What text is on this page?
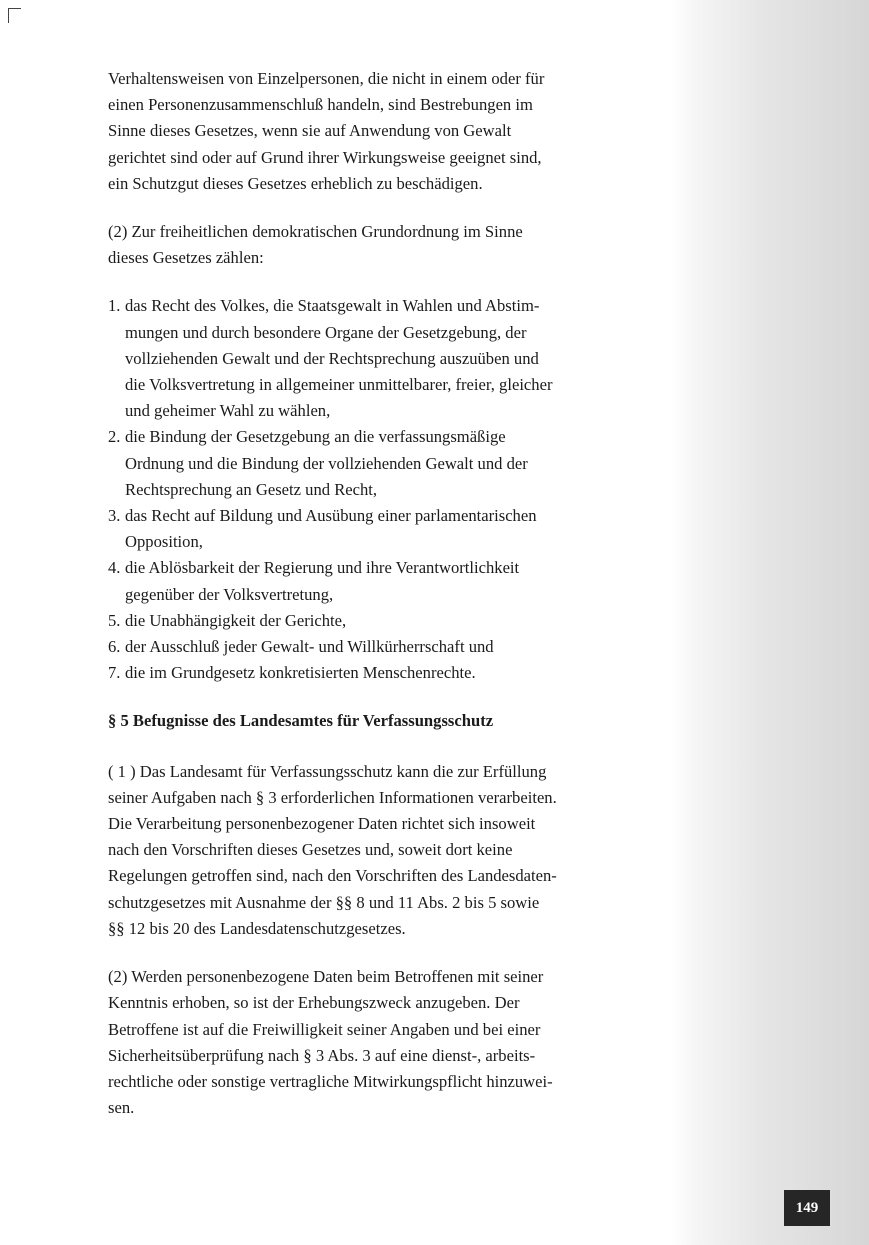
Verhaltensweisen von Einzelpersonen, die nicht in einem oder für
einen Personenzusammenschluß handeln, sind Bestrebungen im
Sinne dieses Gesetzes, wenn sie auf Anwendung von Gewalt
gerichtet sind oder auf Grund ihrer Wirkungsweise geeignet sind,
ein Schutzgut dieses Gesetzes erheblich zu beschädigen.

(2) Zur freiheitlichen demokratischen Grundordnung im Sinne
dieses Gesetzes zählen:

1. das Recht des Volkes, die Staatsgewalt in Wahlen und Abstim-
mungen und durch besondere Organe der Gesetzgebung, der
vollziehenden Gewalt und der Rechtsprechung auszuüben und
die Volksvertretung in allgemeiner unmittelbarer, freier, gleicher
und geheimer Wahl zu wählen,
2. die Bindung der Gesetzgebung an die verfassungsmäßige
Ordnung und die Bindung der vollziehenden Gewalt und der
Rechtsprechung an Gesetz und Recht,
3. das Recht auf Bildung und Ausübung einer parlamentarischen
Opposition,
4. die Ablösbarkeit der Regierung und ihre Verantwortlichkeit
gegenüber der Volksvertretung,
5. die Unabhängigkeit der Gerichte,
6. der Ausschluß jeder Gewalt- und Willkürherrschaft und
7. die im Grundgesetz konkretisierten Menschenrechte.
§ 5 Befugnisse des Landesamtes für Verfassungsschutz

( 1 ) Das Landesamt für Verfassungsschutz kann die zur Erfüllung
seiner Aufgaben nach § 3 erforderlichen Informationen verarbeiten.
Die Verarbeitung personenbezogener Daten richtet sich insoweit
nach den Vorschriften dieses Gesetzes und, soweit dort keine
Regelungen getroffen sind, nach den Vorschriften des Landesdaten-
schutzgesetzes mit Ausnahme der §§ 8 und 11 Abs. 2 bis 5 sowie
§§ 12 bis 20 des Landesdatenschutzgesetzes.

(2) Werden personenbezogene Daten beim Betroffenen mit seiner
Kenntnis erhoben, so ist der Erhebungszweck anzugeben. Der
Betroffene ist auf die Freiwilligkeit seiner Angaben und bei einer
Sicherheitsüberprüfung nach § 3 Abs. 3 auf eine dienst-, arbeits-
rechtliche oder sonstige vertragliche Mitwirkungspflicht hinzuwei-
sen.

149
